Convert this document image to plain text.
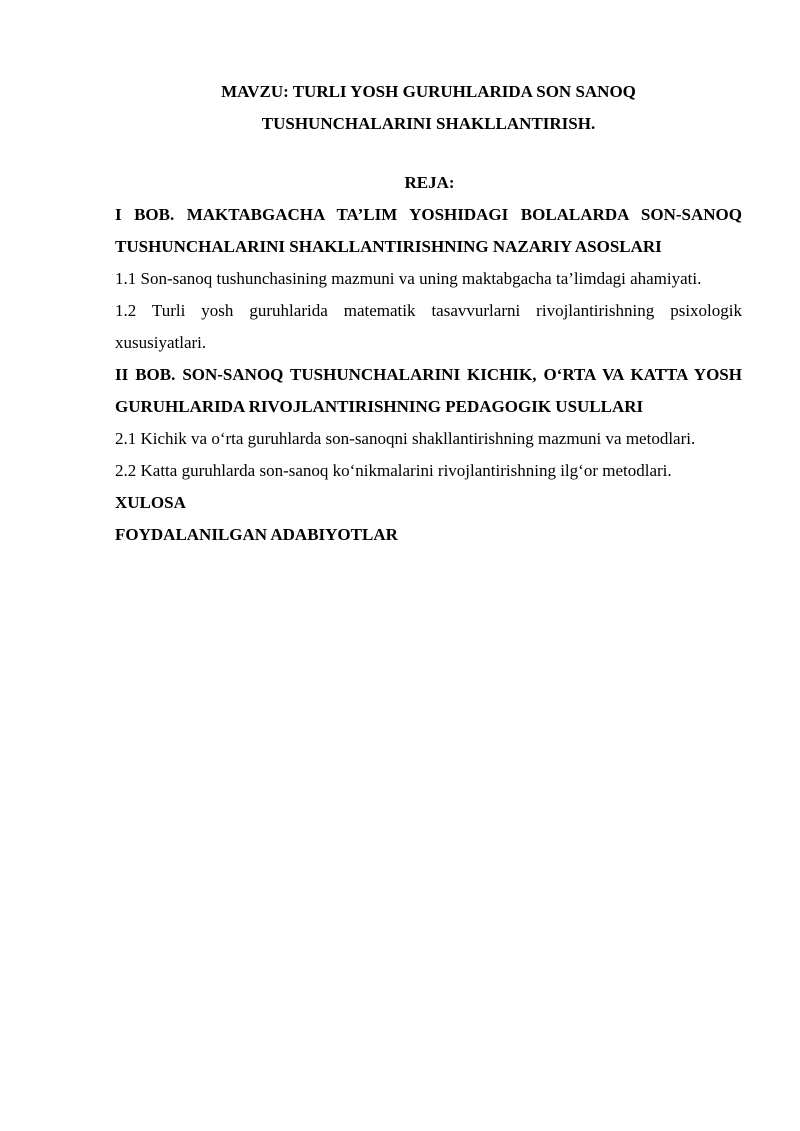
MAVZU: TURLI YOSH GURUHLARIDA SON SANOQ

TUSHUNCHALARINI SHAKLLANTIRISH.

REJA:

I BOB. MAKTABGACHA TA’LIM YOSHIDAGI BOLALARDA SON-SANOQ TUSHUNCHALARINI SHAKLLANTIRISHNING NAZARIY ASOSLARI

1.1 Son-sanoq tushunchasining mazmuni va uning maktabgacha ta’limdagi ahamiyati.

1.2 Turli yosh guruhlarida matematik tasavvurlarni rivojlantirishning psixologik xususiyatlari.

II BOB. SON-SANOQ TUSHUNCHALARINI KICHIK, O‘RTA VA KATTA YOSH GURUHLARIDA RIVOJLANTIRISHNING PEDAGOGIK USULLARI

2.1 Kichik va o‘rta guruhlarda son-sanoqni shakllantirishning mazmuni va metodlari.

2.2 Katta guruhlarda son-sanoq ko‘nikmalarini rivojlantirishning ilg‘or metodlari.

XULOSA

FOYDALANILGAN ADABIYOTLAR
